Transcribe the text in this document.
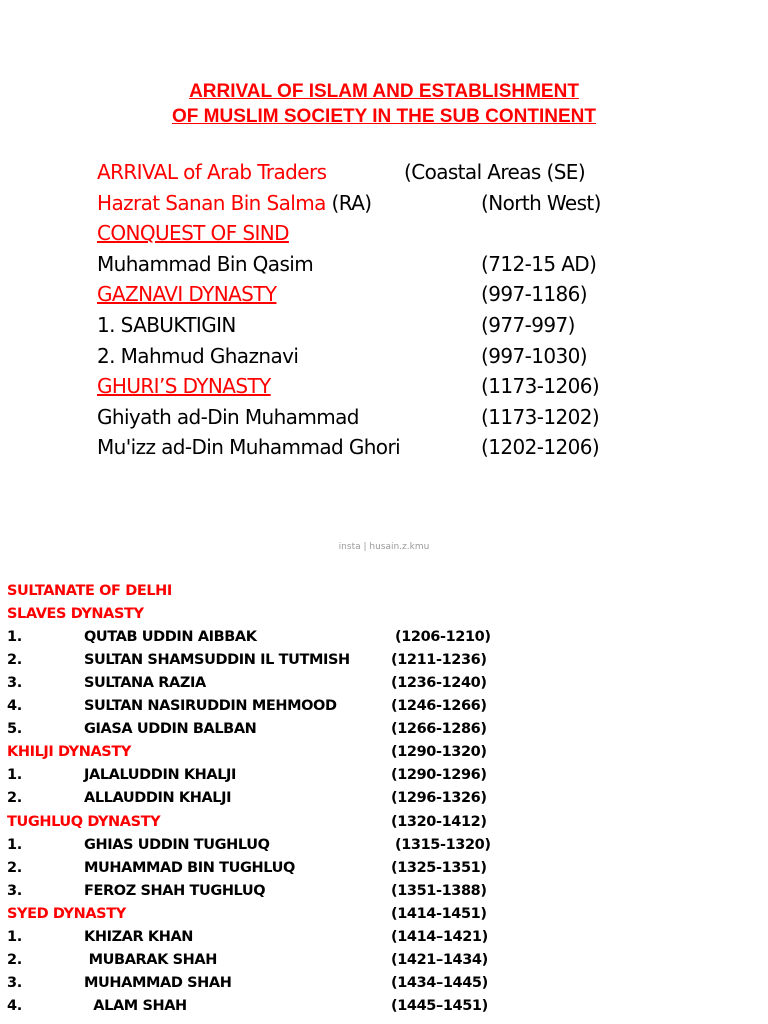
ARRIVAL OF ISLAM AND ESTABLISHMENT
OF MUSLIM SOCIETY IN THE SUB CONTINENT
ARRIVAL of Arab Traders	(Coastal Areas (SE)
Hazrat Sanan Bin Salma (RA)	(North West)
CONQUEST OF SIND
Muhammad Bin Qasim	(712-15 AD)
GAZNAVI DYNASTY	(997-1186)
1. SABUKTIGIN	(977-997)
2. Mahmud Ghaznavi	(997-1030)
GHURI’S DYNASTY	(1173-1206)
Ghiyath ad-Din Muhammad	(1173-1202)
Mu'izz ad-Din Muhammad Ghori	(1202-1206)
insta | husain.z.kmu
SULTANATE OF DELHI
SLAVES DYNASTY
1.	QUTAB UDDIN AIBBAK	(1206-1210)
2.	SULTAN SHAMSUDDIN IL TUTMISH	(1211-1236)
3.	SULTANA RAZIA	(1236-1240)
4.	SULTAN NASIRUDDIN MEHMOOD	(1246-1266)
5.	GIASA UDDIN BALBAN	(1266-1286)
KHILJI DYNASTY	(1290-1320)
1.	JALALUDDIN KHALJI	(1290-1296)
2.	ALLAUDDIN KHALJI	(1296-1326)
TUGHLUQ DYNASTY	(1320-1412)
1.	GHIAS UDDIN TUGHLUQ	(1315-1320)
2.	MUHAMMAD BIN TUGHLUQ	(1325-1351)
3.	FEROZ SHAH TUGHLUQ	(1351-1388)
SYED DYNASTY	(1414-1451)
1.	KHIZAR KHAN	(1414–1421)
2.	MUBARAK SHAH	(1421–1434)
3.	MUHAMMAD SHAH	(1434–1445)
4.	ALAM SHAH	(1445–1451)
